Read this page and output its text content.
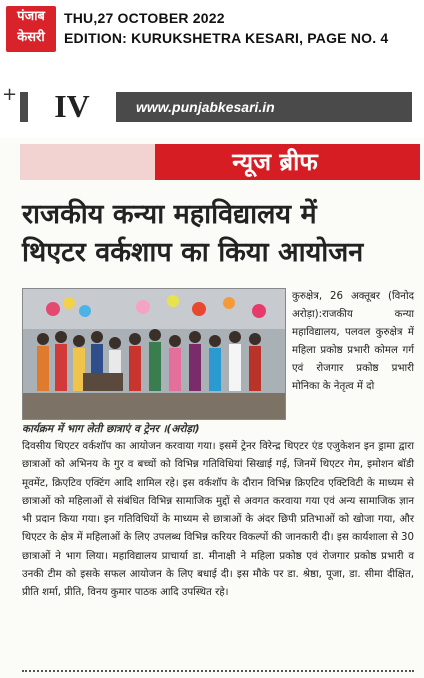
पंजाब
केसरी
THU,27 OCTOBER 2022
EDITION: KURUKSHETRA KESARI, PAGE NO. 4
+	IV	www.punjabkesari.in
न्यूज ब्रीफ
राजकीय कन्या महाविद्यालय में
थिएटर वर्कशाप का किया आयोजन
कार्यक्रम में भाग लेती छात्राएं व ट्रेनर ।(अरोड़ा)
कुरुक्षेत्र, 26 अक्तूबर (विनोद अरोड़ा):राजकीय कन्या महाविद्यालय, पलवल कुरुक्षेत्र में महिला प्रकोष्ठ प्रभारी कोमल गर्ग एवं रोजगार प्रकोष्ठ प्रभारी मोनिका के नेतृत्व में दो
दिवसीय थिएटर वर्कशॉप का आयोजन करवाया गया। इसमें ट्रेनर विरेन्द्र थिएटर एंड एजुकेशन इन ड्रामा द्वारा छात्राओं को अभिनय के गुर व बच्चों को विभिन्न गतिविधियां सिखाई गई, जिनमें थिएटर गेम, इमोशन बॉडी मूवमेंट, क्रिएटिव एक्टिंग आदि शामिल रहे। इस वर्कशॉप के दौरान विभिन्न क्रिएटिव एक्टिविटी के माध्यम से छात्राओं को महिलाओं से संबंधित विभिन्न सामाजिक मुद्दों से अवगत करवाया गया एवं अन्य सामाजिक ज्ञान भी प्रदान किया गया। इन गतिविधियों के माध्यम से छात्राओं के अंदर छिपी प्रतिभाओं को खोजा गया, और थिएटर के क्षेत्र में महिलाओं के लिए उपलब्ध विभिन्न करियर विकल्पों की जानकारी दी। इस कार्यशाला से 30 छात्राओं ने भाग लिया। महाविद्यालय प्राचार्या डा. मीनाक्षी ने महिला प्रकोष्ठ एवं रोजगार प्रकोष्ठ प्रभारी व उनकी टीम को इसके सफल आयोजन के लिए बधाई दी। इस मौके पर डा. श्रेष्ठा, पूजा, डा. सीमा दीक्षित, प्रीति शर्मा, प्रीति, विनय कुमार पाठक आदि उपस्थित रहे।
